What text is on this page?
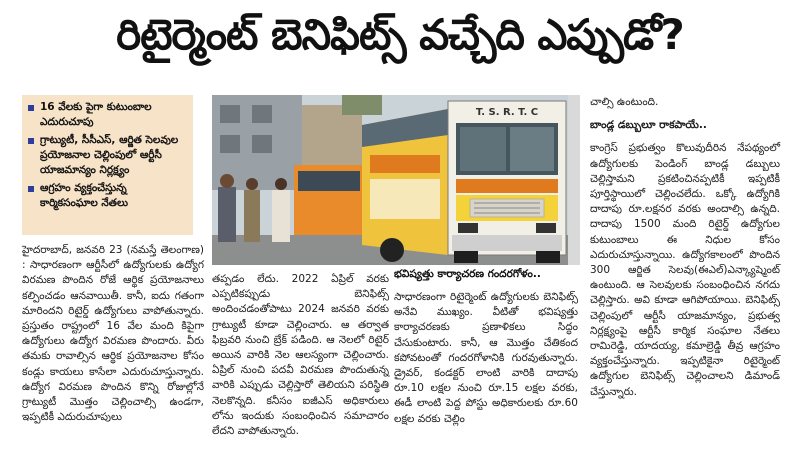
రిటైర్మెంట్ బెనిఫిట్స్ వచ్చేది ఎప్పుడో?
16 వేలకు పైగా కుటుంబాల ఎదురుచూపు
గ్రాట్యుటీ, సీసీఎస్, ఆర్జిత సెలవుల ప్రయోజనాల చెల్లింపులో ఆర్టీసీ యాజమాన్యం నిర్లక్ష్యం
ఆగ్రహం వ్యక్తంచేస్తున్న కార్మికసంఘాల నేతలు
T. S. R. T. C

హైదరాబాద్, జనవరి 23 (నమస్తే తెలంగాణ) : సాధారణంగా ఆర్టీసీలో ఉద్యోగులకు ఉద్యోగ విరమణ పొందిన రోజే ఆర్థిక ప్రయోజనాలు కల్పించడం ఆనవాయితీ. కానీ, ఐదు గతంగా మారిందని రిటైర్డ్ ఉద్యోగులు వాపోతున్నారు. ప్రస్తుతం రాష్ట్రంలో 16 వేల మంది కిపైగా ఉద్యోగులు ఉద్యోగ విరమణ పొందారు. వీరు తమకు రావాల్సిన ఆర్థిక ప్రయోజనాల కోసం కండ్లు కాయలు కాసేలా ఎదురుచూస్తున్నారు. ఉద్యోగ విరమణ పొందిన కొన్ని రోజుల్లోనే గ్రాట్యుటీ మొత్తం చెల్లించాల్సి ఉండగా, ఇప్పటికీ ఎదురుచూపులు

తప్పడం లేదు. 2022 ఏప్రిల్ వరకు ఎప్పటికప్పుడు బెనిఫిట్స్ అందించడంతోపాటు 2024 జనవరి వరకు గ్రాట్యుటీ కూడా చెల్లించారు. ఆ తర్వాత ఫిబ్రవరి నుంచి బ్రేక్ పడింది. ఆ నెలలో రిటైర్ అయిన వారికి నెల ఆలస్యంగా చెల్లించారు. ఏప్రిల్ నుంచి పదవీ విరమణ పొందుతున్న వారికి ఎప్పుడు చెల్లిస్తారో తెలియని పరిస్థితి నెలకొన్నది. కనీసం ఐజీఎస్ అధికారులు లోను ఇందుకు సంబంధించిన సమాచారం లేదని వాపోతున్నారు.

భవిష్యత్తు కార్యాచరణ గందరగోళం..

సాధారణంగా రిటైర్మెంట్ ఉద్యోగులకు బెనిఫిట్స్ అనేవి ముఖ్యం. వీటితో భవిష్యత్తు కార్యాచరణకు ప్రణాళికలు సిద్ధం చేసుకుంటారు. కానీ, ఆ మొత్తం చేతికంద కపోవటంతో గందరగోళానికి గురవుతున్నారు. డ్రైవర్, కండక్టర్ లాంటి వారికి దాదాపు రూ.10 లక్షల నుంచి రూ.15 లక్షల వరకు, ఈడీ లాంటి పెద్ద పోస్టు అధికారులకు రూ.60 లక్షల వరకు చెల్లిం

చాల్సి ఉంటుంది.

బాండ్ల డబ్బులూ రాకపాయే..

కాంగ్రెస్ ప్రభుత్వం కొలువుదీరిన నేపథ్యంలో ఉద్యోగులకు పెండింగ్ బాండ్ల డబ్బులు చెల్లిస్తామని ప్రకటించినప్పటికీ ఇప్పటికీ పూర్తిస్థాయిలో చెల్లించలేదు. ఒక్కో ఉద్యోగికి దాదాపు రూ.లక్షనర వరకు అందాల్సి ఉన్నది. దాదాపు 1500 మంది రిటైర్డ్ ఉద్యోగుల కుటుంబాలు ఈ నిధుల కోసం ఎదురుచూస్తున్నాయి. ఉద్యోగకాలంలో పొందిన 300 ఆర్జిత సెలవు(ఈఎల్)ఎన్క్యాష్మెంట్ ఉంటుంది. ఆ సెలవులకు సంబంధించిన నగదు చెల్లిస్తారు. అవి కూడా ఆగిపోయాయి. బెనిఫిట్స్ చెల్లింపులో ఆర్టీసీ యాజమాన్యం, ప్రభుత్వ నిర్లక్ష్యంపై ఆర్టీసీ కార్మిక సంఘాల నేతలు రామిరెడ్డి, యాదయ్య, కమాల్రెడ్డి తీవ్ర ఆగ్రహం వ్యక్తంచేస్తున్నారు. ఇప్పటికైనా రిటైర్మెంట్ ఉద్యోగుల బెనిఫిట్స్ చెల్లించాలని డిమాండ్ చేస్తున్నారు.
